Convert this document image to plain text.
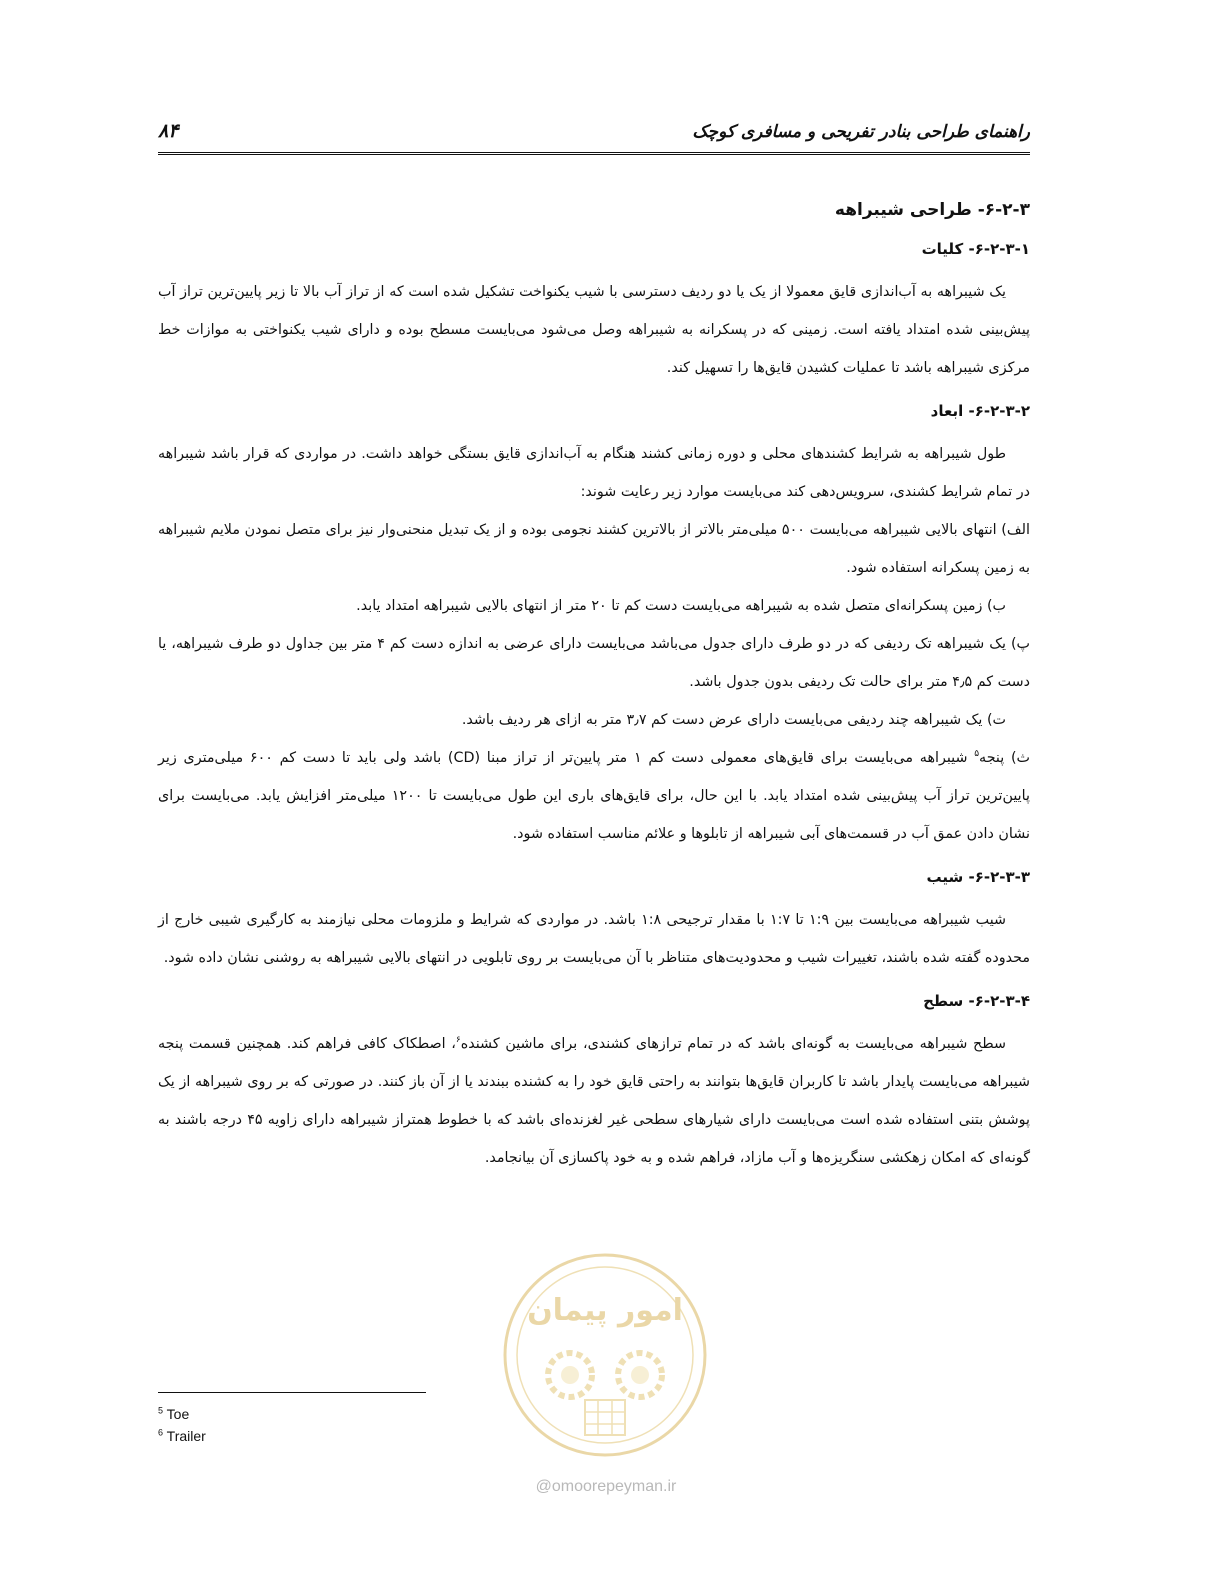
راهنمای طراحی بنادر تفریحی و مسافری کوچک
۸۴
۶-۲-۳- طراحی شیبراهه
۶-۲-۳-۱- کلیات

یک شیبراهه به آب‌اندازی قایق معمولا از یک یا دو ردیف دسترسی با شیب یکنواخت تشکیل شده است که از تراز آب بالا تا زیر پایین‌ترین تراز آب پیش‌بینی شده امتداد یافته است. زمینی که در پسکرانه به شیبراهه وصل می‌شود می‌بایست مسطح بوده و دارای شیب یکنواختی به موازات خط مرکزی شیبراهه باشد تا عملیات کشیدن قایق‌ها را تسهیل کند.

۶-۲-۳-۲- ابعاد

طول شیبراهه به شرایط کشندهای محلی و دوره زمانی کشند هنگام به آب‌اندازی قایق بستگی خواهد داشت. در مواردی که قرار باشد شیبراهه در تمام شرایط کشندی، سرویس‌دهی کند می‌بایست موارد زیر رعایت شوند:

الف) انتهای بالایی شیبراهه می‌بایست ۵۰۰ میلی‌متر بالاتر از بالاترین کشند نجومی بوده و از یک تبدیل منحنی‌وار نیز برای متصل نمودن ملایم شیبراهه به زمین پسکرانه استفاده شود.

ب) زمین پسکرانه‌ای متصل شده به شیبراهه می‌بایست دست کم تا ۲۰ متر از انتهای بالایی شیبراهه امتداد یابد.

پ) یک شیبراهه تک ردیفی که در دو طرف دارای جدول می‌باشد می‌بایست دارای عرضی به اندازه دست کم ۴ متر بین جداول دو طرف شیبراهه، یا دست کم ۴٫۵ متر برای حالت تک ردیفی بدون جدول باشد.

ت) یک شیبراهه چند ردیفی می‌بایست دارای عرض دست کم ۳٫۷ متر به ازای هر ردیف باشد.

ث) پنجه$^۵$ شیبراهه می‌بایست برای قایق‌های معمولی دست کم ۱ متر پایین‌تر از تراز مبنا (CD) باشد ولی باید تا دست کم ۶۰۰ میلی‌متری زیر پایین‌ترین تراز آب پیش‌بینی شده امتداد یابد. با این حال، برای قایق‌های باری این طول می‌بایست تا ۱۲۰۰ میلی‌متر افزایش یابد. می‌بایست برای نشان دادن عمق آب در قسمت‌های آبی شیبراهه از تابلوها و علائم مناسب استفاده شود.

۶-۲-۳-۳- شیب

شیب شیبراهه می‌بایست بین ۱:۹ تا ۱:۷ با مقدار ترجیحی ۱:۸ باشد. در مواردی که شرایط و ملزومات محلی نیازمند به کارگیری شیبی خارج از محدوده گفته شده باشند، تغییرات شیب و محدودیت‌های متناظر با آن می‌بایست بر روی تابلویی در انتهای بالایی شیبراهه به روشنی نشان داده شود.

۶-۲-۳-۴- سطح

سطح شیبراهه می‌بایست به گونه‌ای باشد که در تمام ترازهای کشندی، برای ماشین کشنده$^۶$، اصطکاک کافی فراهم کند. همچنین قسمت پنجه شیبراهه می‌بایست پایدار باشد تا کاربران قایق‌ها بتوانند به راحتی قایق خود را به کشنده ببندند یا از آن باز کنند. در صورتی که بر روی شیبراهه از یک پوشش بتنی استفاده شده است می‌بایست دارای شیارهای سطحی غیر لغزنده‌ای باشد که با خطوط همتراز شیبراهه دارای زاویه ۴۵ درجه باشند به گونه‌ای که امکان زهکشی سنگریزه‌ها و آب مازاد، فراهم شده و به خود پاکسازی آن بیانجامد.

امور پیمان
@omoorepeyman.ir
$^5$ Toe
$^6$ Trailer
